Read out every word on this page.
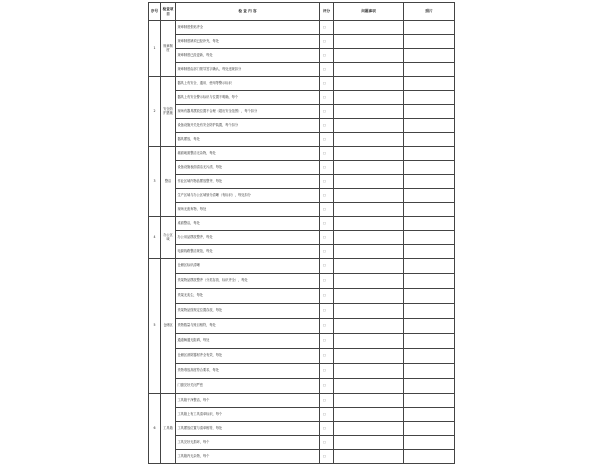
序号	检查项目	检 查 内 容	评分	问题事项	照片
1	规章制度	规章制度张贴齐全	□		
		规章制度缺项已经补充，每处	□		
		规章制度已经更新，每处	□		
		规章制度由部门领导签字确认，每处违规扣分	□		
2	安全防护措施	器具上有安全、通用、使用等警示标识	□		
		器具上有安全警示标识与位置不明确，每个	□		
		现场有器具摆放位置不合理（超出安全范围），每个扣分	□		
		设备设施开关处有安全防护装置，每个扣分	□		
		器具摆放，每处	□		
3	整洁	墙面地面整洁无杂物，每处	□		
		设备设施表面清洁无污渍，每处	□		
		作业区域内物品摆放整齐，每处	□		
		生产区域与办公区域划分清晰（有标识），每处扣分	□		
		现场无废弃物，每处	□		
4	办公区域	桌面整洁，每处	□		
		办公用品摆放整齐，每处	□		
		电源线路整洁规范，每处	□		
5	仓储区	仓储区标识清晰	□		
		货架物品摆放整齐（分类存放、标识齐全），每处	□		
		货架无灰尘，每处	□		
		货架物品按规定位置存放，每处	□		
		货物数量与账目相符，每处	□		
		通道畅通无阻碍，每处	□		
		仓储区消防器材齐全有效，每处	□		
		货物堆放高度符合要求，每处	□		
		门窗完好关闭严密	□		
6	工具箱	工具箱干净整洁，每个	□		
		工具箱上有工具清单标识，每个	□		
		工具摆放位置与清单相符，每处	□		
		工具完好无损坏，每个	□		
		工具箱内无杂物，每个	□		
